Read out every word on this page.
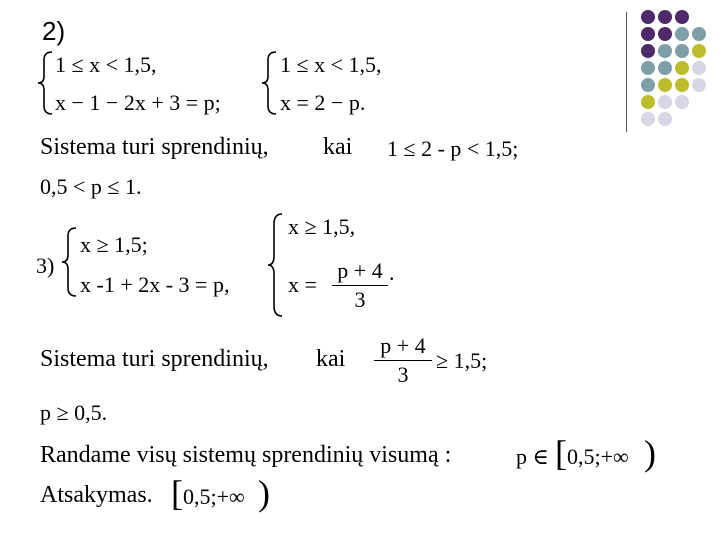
2)
1 ≤ x < 1,5,
x − 1 − 2x + 3 = p;
1 ≤ x < 1,5,
x = 2 − p.
Sistema turi sprendinių, kai 1 ≤ 2 - p < 1,5;
0,5 < p ≤ 1.
3)
x ≥ 1,5;
x -1 + 2x - 3 = p,
x ≥ 1,5,
x =
p + 4
3
.
Sistema turi sprendinių, kai
p + 4
3
≥ 1,5;
p ≥ 0,5.
Randame visų sistemų sprendinių visumą :	p ∈ [ 0,5;+∞ )
Atsakymas. [ 0,5;+∞ )
